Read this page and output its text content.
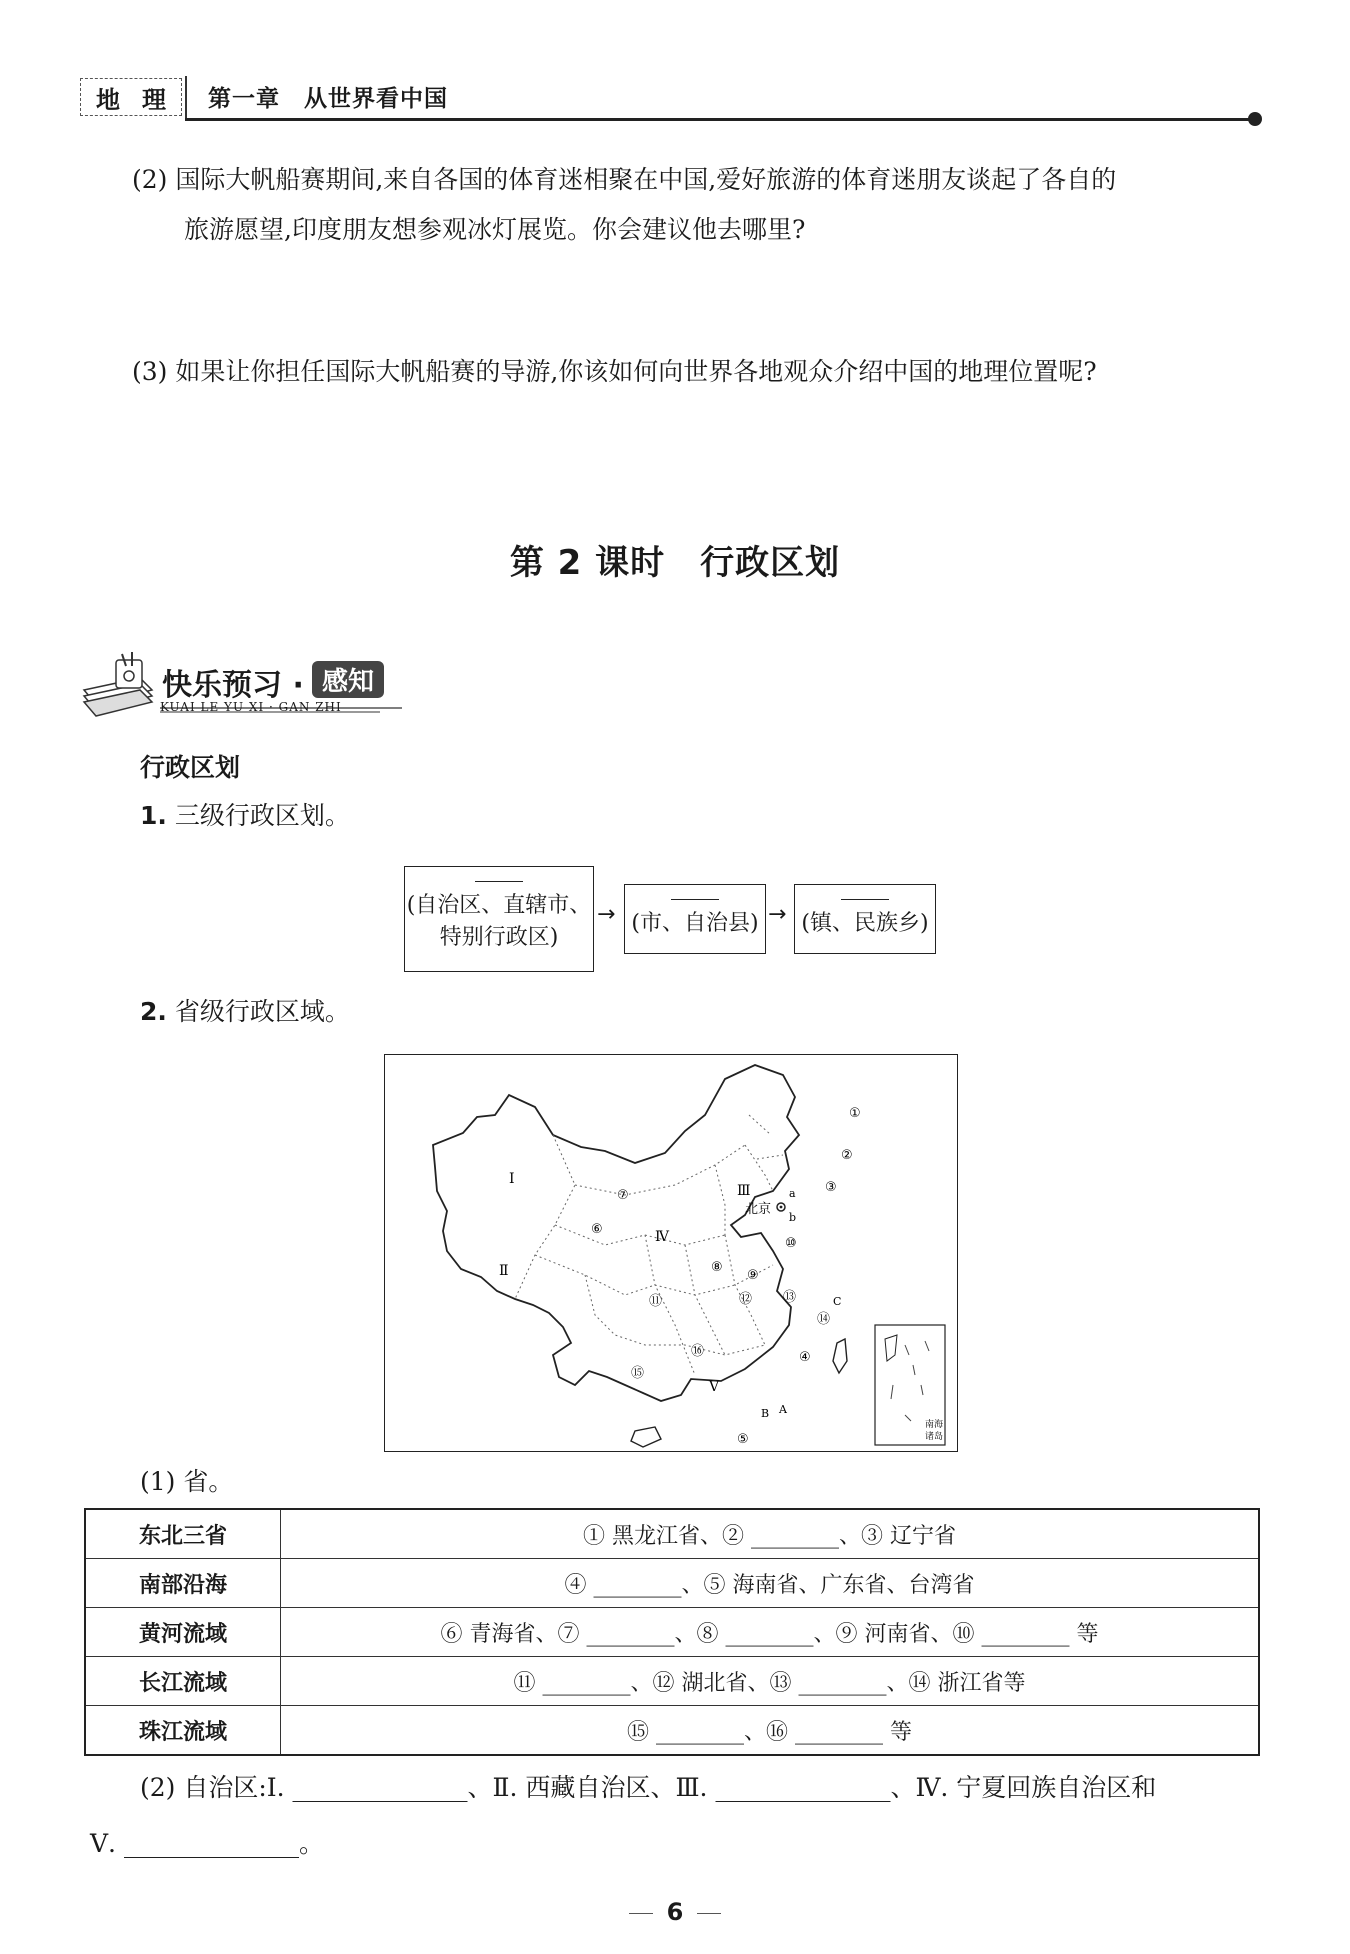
地 理 第一章　从世界看中国
(2) 国际大帆船赛期间,来自各国的体育迷相聚在中国,爱好旅游的体育迷朋友谈起了各自的
旅游愿望,印度朋友想参观冰灯展览。你会建议他去哪里?
(3) 如果让你担任国际大帆船赛的导游,你该如何向世界各地观众介绍中国的地理位置呢?
第 2 课时　行政区划
快乐预习 · 感知
KUAI LE YU XI · GAN ZHI
行政区划
1. 三级行政区划。
(自治区、直辖市、
特别行政区)
→ (市、自治县) → (镇、民族乡)
2. 省级行政区域。
南海
诸岛
北京
Ⅰ
Ⅱ
Ⅲ
Ⅳ
Ⅴ
a
b
A
B
C
①
②
③
④
⑤
⑥
⑦
⑧
⑨
⑩
⑪	⑫ ⑬
⑭
⑮
⑯
(1) 省。
东北三省	① 黑龙江省、② ________、③ 辽宁省
南部沿海	④ ________、⑤ 海南省、广东省、台湾省
黄河流域	⑥ 青海省、⑦ ________、⑧ ________、⑨ 河南省、⑩ ________ 等
长江流域	⑪ ________、⑫ 湖北省、⑬ ________、⑭ 浙江省等
珠江流域	⑮ ________、⑯ ________ 等
(2) 自治区:Ⅰ. ______________、Ⅱ. 西藏自治区、Ⅲ. ______________、Ⅳ. 宁夏回族自治区和
Ⅴ. ______________。
6
